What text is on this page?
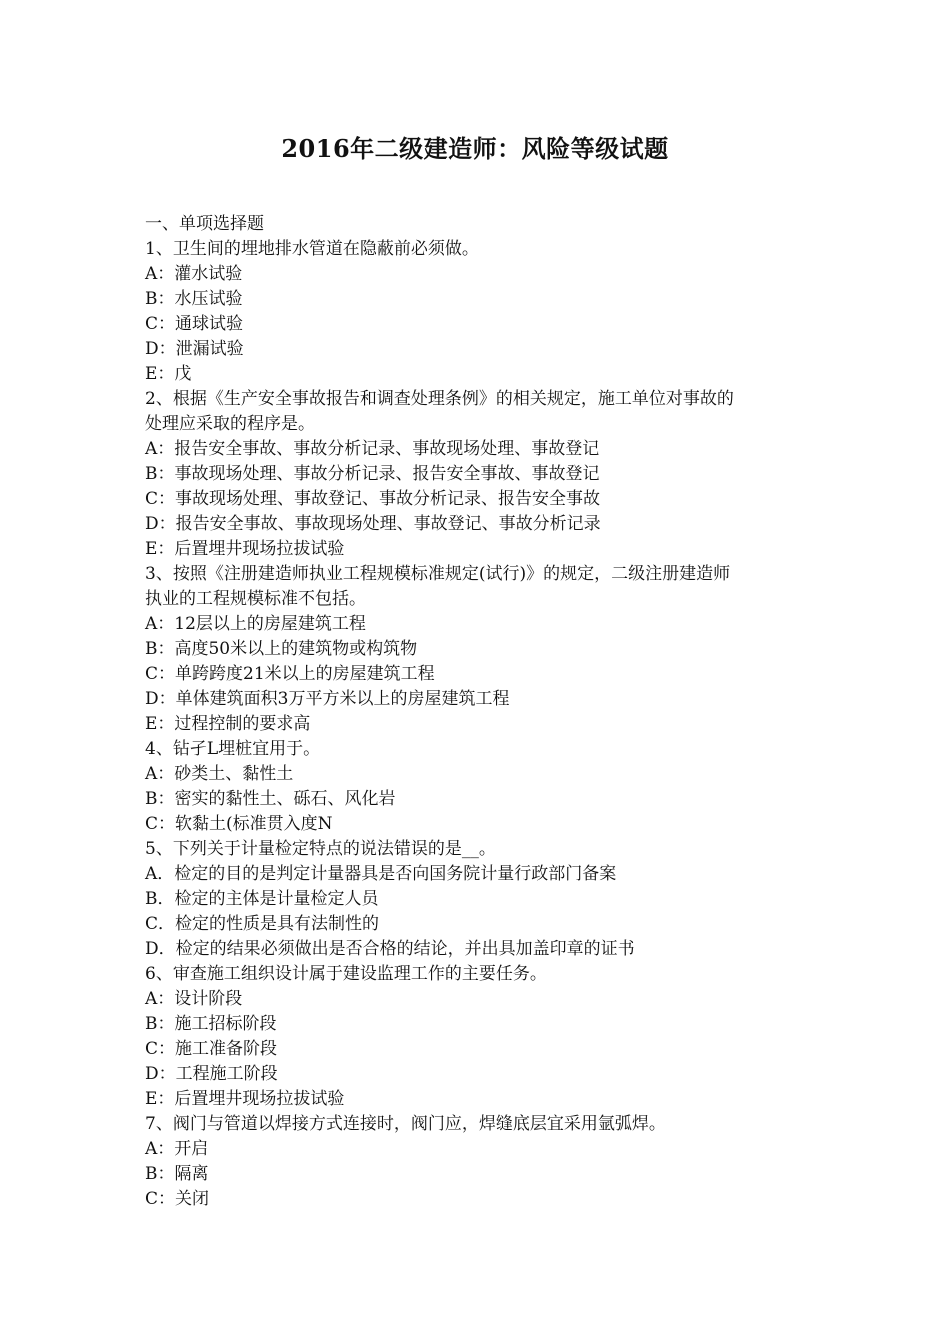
2016年二级建造师：风险等级试题
一、单项选择题
1、卫生间的埋地排水管道在隐蔽前必须做。
A：灌水试验
B：水压试验
C：通球试验
D：泄漏试验
E：戊
2、根据《生产安全事故报告和调查处理条例》的相关规定，施工单位对事故的
处理应采取的程序是。
A：报告安全事故、事故分析记录、事故现场处理、事故登记
B：事故现场处理、事故分析记录、报告安全事故、事故登记
C：事故现场处理、事故登记、事故分析记录、报告安全事故
D：报告安全事故、事故现场处理、事故登记、事故分析记录
E：后置埋井现场拉拔试验
3、按照《注册建造师执业工程规模标准规定(试行)》的规定，二级注册建造师
执业的工程规模标准不包括。
A：12层以上的房屋建筑工程
B：高度50米以上的建筑物或构筑物
C：单跨跨度21米以上的房屋建筑工程
D：单体建筑面积3万平方米以上的房屋建筑工程
E：过程控制的要求高
4、钻孑L埋桩宜用于。
A：砂类土、黏性土
B：密实的黏性土、砾石、风化岩
C：软黏土(标准贯入度N
5、下列关于计量检定特点的说法错误的是__。
A．检定的目的是判定计量器具是否向国务院计量行政部门备案
B．检定的主体是计量检定人员
C．检定的性质是具有法制性的
D．检定的结果必须做出是否合格的结论，并出具加盖印章的证书
6、审查施工组织设计属于建设监理工作的主要任务。
A：设计阶段
B：施工招标阶段
C：施工准备阶段
D：工程施工阶段
E：后置埋井现场拉拔试验
7、阀门与管道以焊接方式连接时，阀门应，焊缝底层宜采用氩弧焊。
A：开启
B：隔离
C：关闭
